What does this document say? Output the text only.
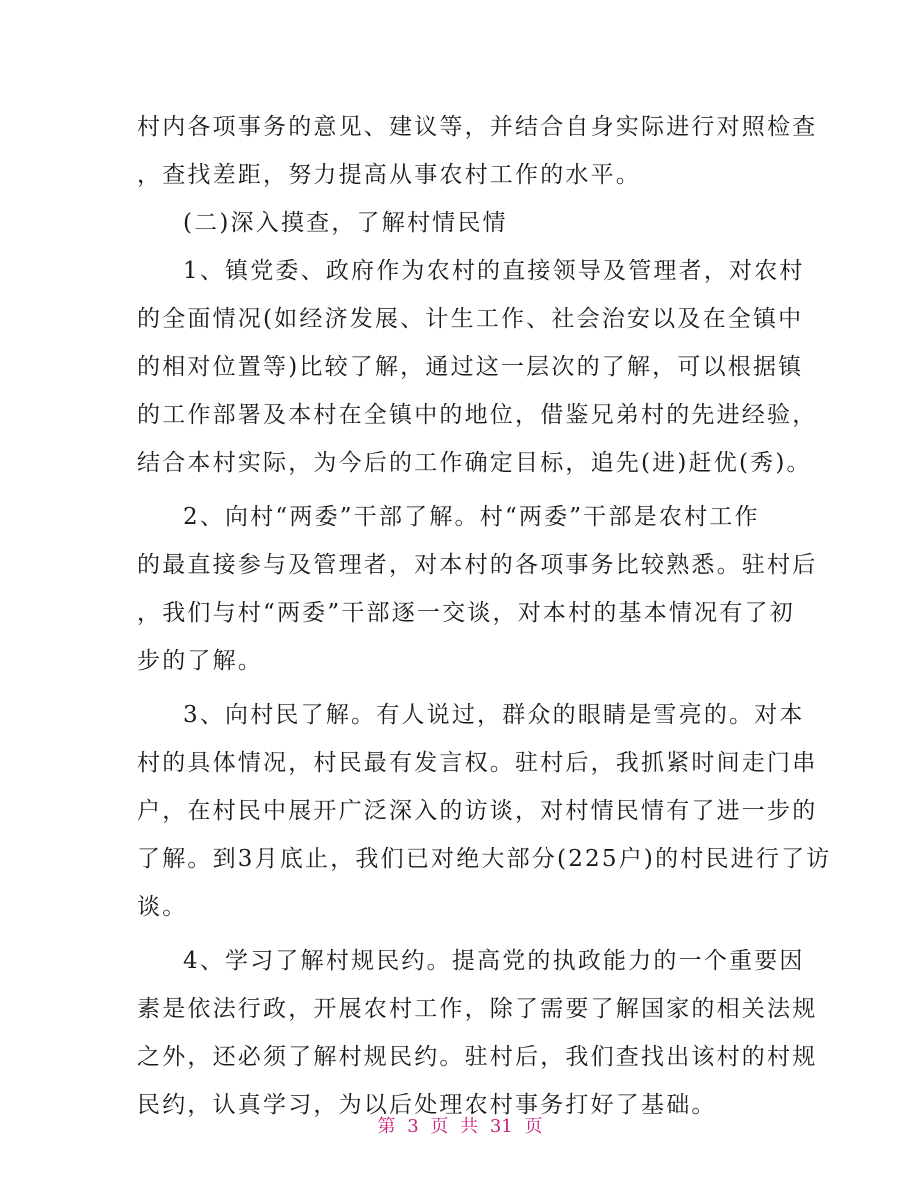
村内各项事务的意见、建议等，并结合自身实际进行对照检查
，查找差距，努力提高从事农村工作的水平。
(二)深入摸查，了解村情民情
1、镇党委、政府作为农村的直接领导及管理者，对农村
的全面情况(如经济发展、计生工作、社会治安以及在全镇中
的相对位置等)比较了解，通过这一层次的了解，可以根据镇
的工作部署及本村在全镇中的地位，借鉴兄弟村的先进经验，
结合本村实际，为今后的工作确定目标，追先(进)赶优(秀)。
2、向村“两委”干部了解。村“两委”干部是农村工作
的最直接参与及管理者，对本村的各项事务比较熟悉。驻村后
，我们与村“两委”干部逐一交谈，对本村的基本情况有了初
步的了解。
3、向村民了解。有人说过，群众的眼睛是雪亮的。对本
村的具体情况，村民最有发言权。驻村后，我抓紧时间走门串
户，在村民中展开广泛深入的访谈，对村情民情有了进一步的
了解。到3月底止，我们已对绝大部分(225户)的村民进行了访
谈。
4、学习了解村规民约。提高党的执政能力的一个重要因
素是依法行政，开展农村工作，除了需要了解国家的相关法规
之外，还必须了解村规民约。驻村后，我们查找出该村的村规
民约，认真学习，为以后处理农村事务打好了基础。
第 3 页 共 31 页
